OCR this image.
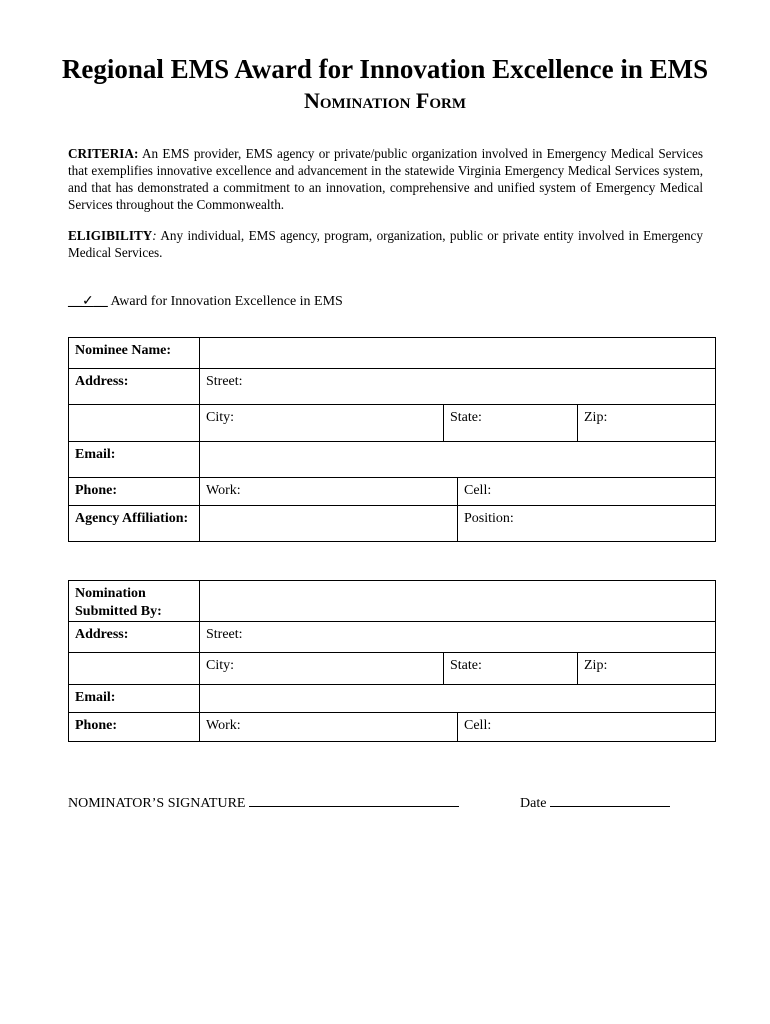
Regional EMS Award for Innovation Excellence in EMS
Nomination Form
CRITERIA: An EMS provider, EMS agency or private/public organization involved in Emergency Medical Services that exemplifies innovative excellence and advancement in the statewide Virginia Emergency Medical Services system, and that has demonstrated a commitment to an innovation, comprehensive and unified system of Emergency Medical Services throughout the Commonwealth.
ELIGIBILITY: Any individual, EMS agency, program, organization, public or private entity involved in Emergency Medical Services.
__✓__ Award for Innovation Excellence in EMS
Nominee Name:				
Address:	Street:			
	City:	State:		Zip:
Email:				
Phone:	Work:		Cell:	
Agency Affiliation:			Position:	
Nomination Submitted By:				
Address:	Street:			
	City:	State:		Zip:
Email:				
Phone:	Work:		Cell:	
NOMINATOR’S SIGNATURE	Date
